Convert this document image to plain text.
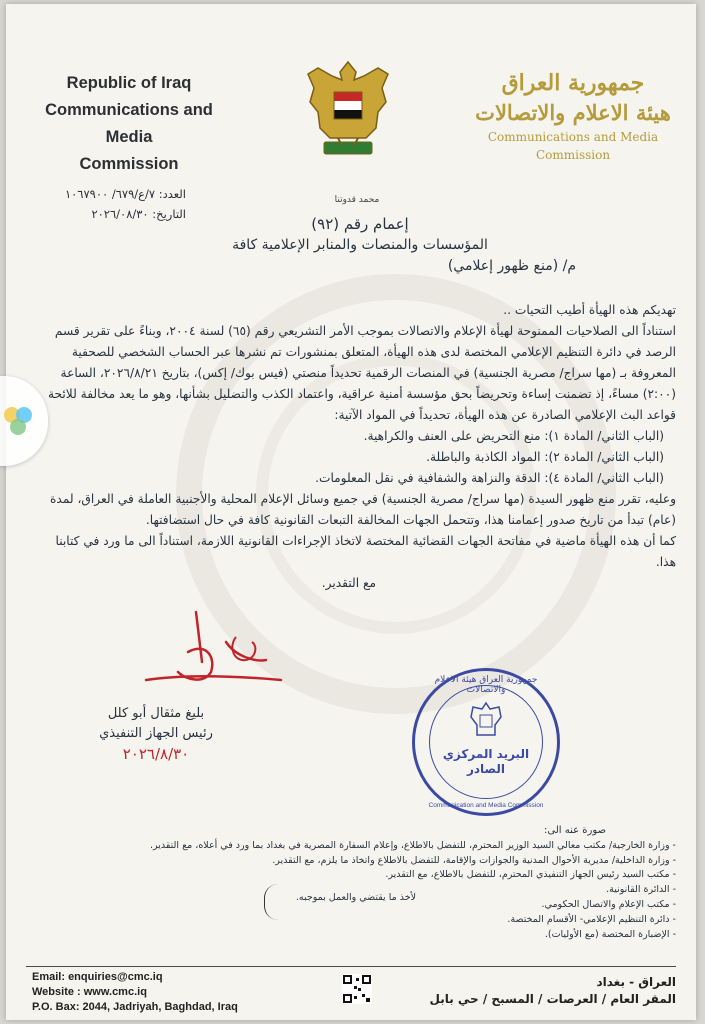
Republic of Iraq
Communications and Media
Commission
جمهورية العراق
هيئة الاعلام والاتصالات
Communications and Media Commission
العدد: ٧/ع/٦٧٩/ ١٠٦٧٩٠٠
التاريخ: ٢٠٢٦/٠٨/٣٠
محمد قدوتنا
إعمام رقم (٩٢)
المؤسسات والمنصات والمنابر الإعلامية كافة
م/ (منع ظهور إعلامي)

تهديكم هذه الهيأة أطيب التحيات ..

استناداً الى الصلاحيات الممنوحة لهيأة الإعلام والاتصالات بموجب الأمر التشريعي رقم (٦٥) لسنة ٢٠٠٤، وبناءً على تقرير قسم الرصد في دائرة التنظيم الإعلامي المختصة لدى هذه الهيأة، المتعلق بمنشورات تم نشرها عبر الحساب الشخصي للصحفية المعروفة بـ (مها سراج/ مصرية الجنسية) في المنصات الرقمية تحديداً منصتي (فيس بوك/ إكس)، بتاريخ ٢٠٢٦/٨/٢١، الساعة (٢:٠٠) مساءً، إذ تضمنت إساءة وتحريضاً بحق مؤسسة أمنية عراقية، واعتماد الكذب والتضليل بشأنها، وهو ما يعد مخالفة للائحة قواعد البث الإعلامي الصادرة عن هذه الهيأة، تحديداً في المواد الآتية:

(الباب الثاني/ المادة ١): منع التحريض على العنف والكراهية.

(الباب الثاني/ المادة ٢): المواد الكاذبة والباطلة.

(الباب الثاني/ المادة ٤): الدقة والنزاهة والشفافية في نقل المعلومات.

وعليه، تقرر منع ظهور السيدة (مها سراج/ مصرية الجنسية) في جميع وسائل الإعلام المحلية والأجنبية العاملة في العراق، لمدة (عام) تبدأ من تاريخ صدور إعمامنا هذا، وتتحمل الجهات المخالفة التبعات القانونية كافة في حال استضافتها.

كما أن هذه الهيأة ماضية في مفاتحة الجهات القضائية المختصة لاتخاذ الإجراءات القانونية اللازمة، استناداً الى ما ورد في كتابنا هذا.

مع التقدير.

بليغ مثقال أبو كلل
رئيس الجهاز التنفيذي
٢٠٢٦/٨/٣٠
جمهورية العراق هيئة الاعلام والاتصالات
البريد المركزي
الصادر
Communication and Media Commission
صورة عنه الى:
- وزارة الخارجية/ مكتب معالي السيد الوزير المحترم، للتفضل بالاطلاع، وإعلام السفارة المصرية في بغداد بما ورد في أعلاه، مع التقدير.
- وزارة الداخلية/ مديرية الأحوال المدنية والجوازات والإقامة، للتفضل بالاطلاع واتخاذ ما يلزم، مع التقدير.
- مكتب السيد رئيس الجهاز التنفيذي المحترم، للتفضل بالاطلاع، مع التقدير.
- الدائرة القانونية.
- مكتب الإعلام والاتصال الحكومي.
- دائرة التنظيم الإعلامي- الأقسام المختصة.
- الإضبارة المختصة (مع الأوليات).
لأخذ ما يقتضي والعمل بموجبه.
Email: enquiries@cmc.iq
Website : www.cmc.iq
P.O. Bax: 2044, Jadriyah, Baghdad, Iraq
العراق - بغداد
المقر العام / العرصات / المسبح / حي بابل
